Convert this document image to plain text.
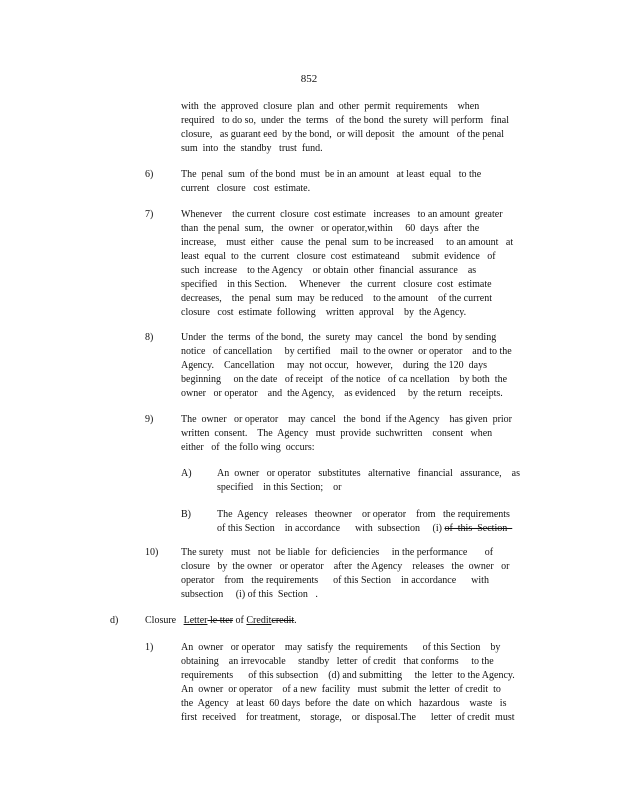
852
with  the  approved  closure  plan  and  other  permit  requirements    when
required   to do so,  under  the  terms   of  the bond  the surety  will perform   final
closure,   as guarant eed  by the bond,  or will deposit   the  amount   of the penal
sum  into  the  standby   trust  fund.
6)	The  penal  sum  of the bond  must  be in an amount   at least  equal   to the
current   closure   cost  estimate.
7)	Whenever    the current  closure  cost estimate   increases   to an amount  greater
than  the penal  sum,   the  owner   or operator,within     60  days  after  the
increase,    must  either   cause  the  penal  sum  to be increased     to an amount   at
least  equal  to  the  current   closure  cost  estimateand     submit  evidence   of
such  increase    to the Agency    or obtain  other  financial  assurance    as
specified    in this Section.     Whenever    the  current   closure  cost  estimate
decreases,    the  penal  sum  may  be reduced    to the amount    of the current
closure   cost  estimate  following    written  approval    by  the Agency.
8)	Under  the  terms  of the bond,  the  surety  may  cancel   the  bond  by sending
notice   of cancellation     by certified    mail  to the owner  or operator    and to the
Agency.    Cancellation     may  not occur,   however,    during  the 120  days
beginning     on the date   of receipt   of the notice   of ca ncellation    by both  the
owner   or operator    and  the Agency,    as evidenced     by  the return   receipts.
9)	The  owner   or operator    may  cancel   the  bond  if the Agency    has given  prior
written  consent.    The  Agency   must  provide  suchwritten    consent   when
either   of  the follo wing  occurs:
A)	An  owner   or operator   substitutes   alternative   financial   assurance,    as
specified    in this Section;    or
B)	The  Agency   releases   theowner    or operator    from   the requirements
of this Section    in accordance      with  subsection     (i) of  this  Section
10) The surety   must   not  be liable  for  deficiencies     in the performance       of
closure   by  the owner   or operator    after  the Agency    releases   the  owner   or
operator    from   the requirements      of this Section    in accordance      with
subsection     (i) of this  Section   .
d)	Closure Letter le tter of Creditcredit.
1)	An  owner   or operator    may  satisfy  the  requirements      of this Section    by
obtaining    an irrevocable     standby   letter  of credit   that conforms     to the
requirements      of this subsection    (d) and submitting     the  letter  to the Agency.
An  owner  or operator    of a new  facility   must  submit  the letter  of credit  to
the  Agency   at least  60 days  before  the  date  on which   hazardous    waste   is
first  received    for treatment,    storage,    or  disposal.The      letter  of credit  must
